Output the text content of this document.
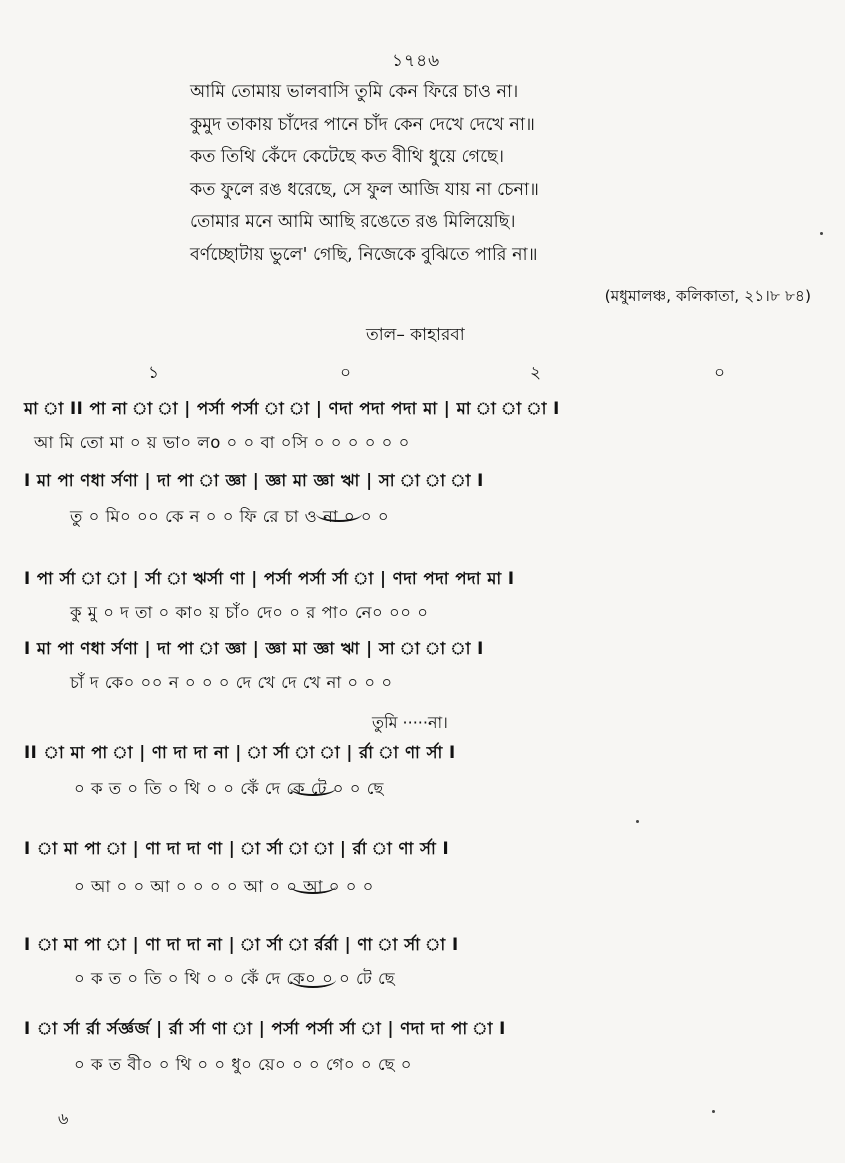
১৭৪৬
আমি তোমায় ভালবাসি তুমি কেন ফিরে চাও না।
কুমুদ তাকায় চাঁদের পানে চাঁদ কেন দেখে দেখে না॥
কত তিথি কেঁদে কেটেছে কত বীথি ধুয়ে গেছে।
কত ফুলে রঙ ধরেছে, সে ফুল আজি যায় না চেনা॥
তোমার মনে আমি আছি রঙেতে রঙ মিলিয়েছি।
বর্ণচ্ছোটায় ভুলে' গেছি, নিজেকে বুঝিতে পারি না॥
(মধুমালঞ্চ, কলিকাতা, ২১।৮ ৮৪)
তাল– কাহারবা
১	০	২	০
মা া II পা না া া | পর্সা পর্সা া া | ণদা পদা পদা মা | মা া া া I
আ মি তো মা ০ য় ভা০ লo ০ ০ বা ০সি ০ ০ ০ ০ ০ ০
I মা পা ণধা র্সণা | দা পা া জ্ঞা | জ্ঞা মা জ্ঞা ঋা | সা া া া I
তু ০ মি০ ০০ কে ন ০ ০ ফি রে চা ও না ০ ০ ০
I পা র্সা া া | র্সা া ঋর্সা ণা | পর্সা পর্সা র্সা া | ণদা পদা পদা মা I
কু মু ০ দ তা ০ কা০ য় চাঁ০ দে০ ০ র পা০ নে০ ০০ ০
I মা পা ণধা র্সণা | দা পা া জ্ঞা | জ্ঞা মা জ্ঞা ঋা | সা া া া I
চাঁ দ কে০ ০০ ন ০ ০ ০ দে খে দে খে না ০ ০ ০
তুমি ·····না।
II া মা পা া | ণা দা দা না | া র্সা া া | র্রা া ণা র্সা I
০ ক ত ০ তি ০ থি ০ ০ কেঁ দে কে টে ০ ০ ছে
I া মা পা া | ণা দা দা ণা | া র্সা া া | র্রা া ণা র্সা I
০ আ ০ ০ আ ০ ০ ০ ০ আ ০ ০ আ ০ ০ ০
I া মা পা া | ণা দা দা না | া র্সা া র্রর্রা | ণা া র্সা া I
০ ক ত ০ তি ০ থি ০ ০ কেঁ দে কে০ ০ ০ টে ছে
I া র্সা র্রা র্সর্জ্ঞর্জ | র্রা র্সা ণা া | পর্সা পর্সা র্সা া | ণদা দা পা া I
০ ক ত বী০ ০ থি ০ ০ ধু০ য়ে০ ০ ০ গে০ ০ ছে ০
৬
